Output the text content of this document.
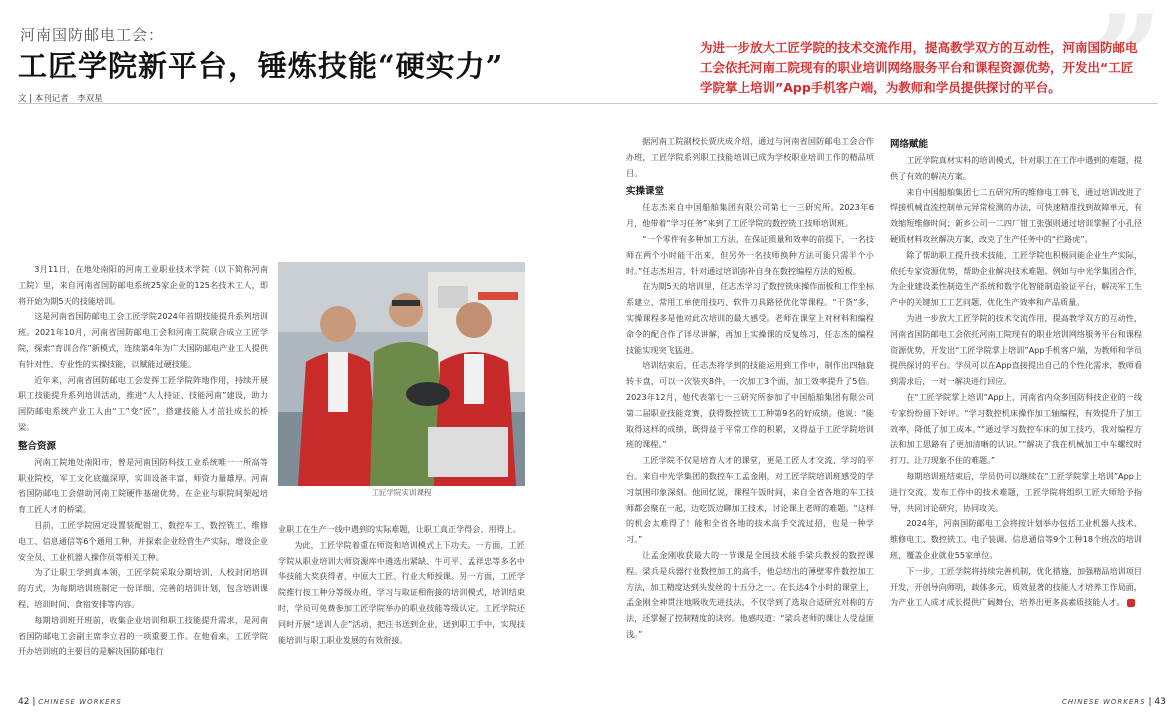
河南国防邮电工会：
工匠学院新平台，锤炼技能“硬实力”
文 | 本刊记者　李双星	”
为进一步放大工匠学院的技术交流作用，提高教学双方的互动性，河南国防邮电工会依托河南工院现有的职业培训网络服务平台和课程资源优势，开发出“工匠学院掌上培训”App手机客户端，为教师和学员提供探讨的平台。

3月11日，在地处南阳的河南工业职业技术学院（以下简称河南工院）里，来自河南省国防邮电系统25家企业的125名技术工人，即将开始为期5天的技能培训。

这是河南省国防邮电工会工匠学院2024年首期技能提升系列培训班。2021年10月，河南省国防邮电工会和河南工院联合成立工匠学院，探索“育训合作”新模式，连续第4年为广大国防邮电产业工人提供有针对性、专业性的实操技能，以赋能过硬技能。

近年来，河南省国防邮电工会发挥工匠学院阵地作用，持续开展职工技能提升系列培训活动，推进“人人持证、技能河南”建设，助力国防邮电系统产业工人由“工”变“匠”，搭建技能人才茁壮成长的桥梁。

整合资源

河南工院地处南阳市，曾是河南国防科技工业系统唯一一所高等职业院校，军工文化底蕴深厚，实训设备丰富，师资力量雄厚。河南省国防邮电工会借助河南工院硬件基础优势，在企业与职院间架起培育工匠人才的桥梁。

目前，工匠学院固定设置装配钳工、数控车工、数控铣工、维修电工、信息通信等6个通用工种，并探索企业经营生产实际，增设企业安全员、工业机器人操作员等相关工种。

为了让职工学到真本领，工匠学院采取分期培训、人校封闭培训的方式，为每期培训班制定一份详细、完善的培训计划，包含培训课程、培训时间、食宿安排等内容。

每期培训班开班前，收集企业培训和职工技能提升需求，是河南省国防邮电工会副主席李立君的一项重要工作。在他看来，工匠学院开办培训班的主要目的是解决国防邮电行

工匠学院实训课程

业职工在生产一线中遇到的实际难题，让职工真正学得会、用得上。

为此，工匠学院着重在师资和培训模式上下功夫。一方面，工匠学院从职业培训大师资源库中遴选出紧缺、牛可平、孟祥忠等多名中华技能大奖获得者、中原大工匠、行业大师授课。另一方面，工匠学院推行按工种分等级办班，学习与取证相衔接的培训模式，培训结束时，学员可免费参加工匠学院举办的职业技能等级认定。工匠学院还同时开展“送训人企”活动，把汪书送到企业，送到职工手中，实现技能培训与职工职业发展的有效衔接。

据河南工院副校长贾庆成介绍，通过与河南省国防邮电工会合作办班，工匠学院系列职工技能培训已成为学校职业培训工作的精品项目。

实操课堂

任志杰来自中国船舶集团有限公司第七一三研究所。2023年6月，他带着“学习任务”来到了工匠学院的数控铣工技师培训班。

“一个零件有多种加工方法，在保证质量和效率的前提下，一名技师在两个小时能干出来，但另外一名技师换种方法可能只需半个小时。”任志杰坦言，针对通过培训弥补自身在数控编程方法的短板。

在为期5天的培训里，任志杰学习了数控铣床操作面板和工作坐标系建立、常用工单使用技巧、软件刀具路径优化等课程。“干货”多、实操课程多是他对此次培训的最大感受。老师在课堂上对材料和编程命令的配合作了详尽讲解，再加上实操课的反复练习，任志杰的编程技能实现突飞猛进。

培训结束后，任志杰将学到的技能运用到工作中，制作出四轴旋转卡盘，可以一次装夹8件，一次加工3个面，加工效率提升了5倍。2023年12月，他代表第七一三研究所参加了中国船舶集团有限公司第二届职业技能竞赛，获得数控铣工工种第9名的好成绩。他说：“能取得这样的成绩，既得益于平常工作的积累，又得益于工匠学院培训班的课程。”

工匠学院不仅是培育人才的课堂，更是工匠人才交流、学习的平台。来自中光学集团的数控车工孟金刚，对工匠学院培训班感受的学习氛围印象深刻。他回忆说，课程午饭时间，来自全省各地的车工技师都会聚在一起，边吃饭边聊加工技术，讨论课上老师的难题。“这样的机会太难得了！能和全省各地的技术高手交流过招，也是一种学习。”

让孟金刚收获最大的一节课是全国技术能手梁兵教授的数控课程。梁兵是兵器行业数控加工的高手，他总结出的薄壁零件数控加工方法，加工精度达到头发丝的十五分之一。在长达4个小时的课堂上，孟金刚全神贯注地吸收先进技法，不仅学到了选取合适研究对称的方法，还掌握了控制精度的诀窍。他感叹道：“梁兵老师的课让人受益匪浅。”

网络赋能

工匠学院真材实料的培训模式，针对职工在工作中遇到的难题，提供了有效的解决方案。

来自中国船舶集团七二五研究所的维修电工韩飞，通过培训改进了焊接机械直流控制单元异常检测的办法，可快速精准找到故障单元，有效缩短维修时间；新乡公司一二四厂钳工张强则通过培训掌握了小孔径硬质材料攻丝解决方案，改克了生产任务中的“拦路虎”。

除了帮助职工提升技术技能，工匠学院也积极同能企业生产实际，依托专家资源优势，帮助企业解决技术难题。例如与中光学集团合作，为企业建设柔性制造生产系统和数字化智能制造验证平台，解决军工生产中的关键加工工艺问题，优化生产效率和产品质量。

为进一步放大工匠学院的技术交流作用，提高教学双方的互动性，河南省国防邮电工会依托河南工院现有的职业培训网络服务平台和课程资源优势，开发出“工匠学院掌上培训”App手机客户端，为教师和学员提供探讨的平台。学员可以在App直接提出自己的个性化需求，教师看到需求后，一对一解决进行回应。

在“工匠学院掌上培训”App上，河南省内众多国防科技企业的一线专家纷纷留下好评。“学习数控机床操作加工轴编程，有效提升了加工效率，降低了加工成本。”“通过学习数控车床的加工技巧，我对编程方法和加工思路有了更加清晰的认识。”“解决了我在机械加工中车螺纹时打刀、让刀现象不住的难题。”

每期培训班结束后，学员仍可以继续在“工匠学院掌上培训”App上进行交流，发布工作中的技术难题，工匠学院将组织工匠大师给予指导，共同讨论研究，协同攻关。

2024年，河南国防邮电工会将按计划举办包括工业机器人技术、维修电工、数控铣工、电子装调、信息通信等9个工种18个班次的培训班，覆盖企业就业55家单位。

下一步，工匠学院将持续完善机制，优化措施，加强精品培训项目开发，开创导向师明，载体多元，质效显著的技能人才培养工作局面，为产业工人成才成长提供广阔舞台，培养出更多高素质技能人才。

42 | CHINESE WORKERS	CHINESE WORKERS | 43
